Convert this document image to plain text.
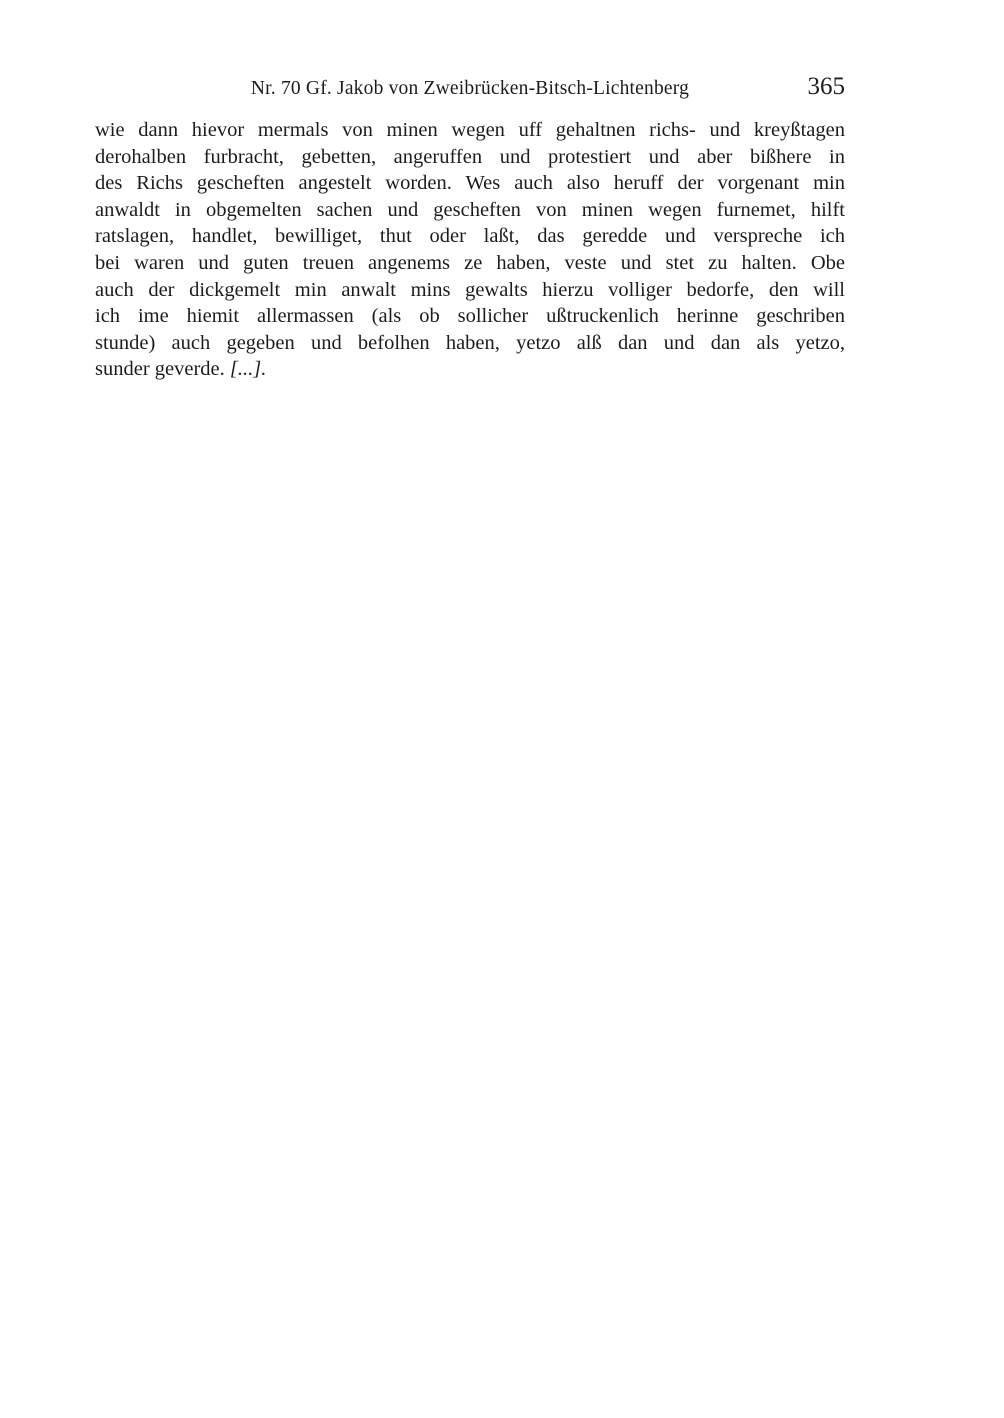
Nr. 70 Gf. Jakob von Zweibrücken-Bitsch-Lichtenberg	365
wie dann hievor mermals von minen wegen uff gehaltnen richs- und kreyßtagen
derohalben furbracht, gebetten, angeruffen und protestiert und aber bißhere in
des Richs gescheften angestelt worden. Wes auch also heruff der vorgenant min
anwaldt in obgemelten sachen und gescheften von minen wegen furnemet, hilft
ratslagen, handlet, bewilliget, thut oder laßt, das geredde und verspreche ich
bei waren und guten treuen angenems ze haben, veste und stet zu halten. Obe
auch der dickgemelt min anwalt mins gewalts hierzu volliger bedorfe, den will
ich ime hiemit allermassen (als ob sollicher ußtruckenlich herinne geschriben
stunde) auch gegeben und befolhen haben, yetzo alß dan und dan als yetzo,
sunder geverde. [...].
